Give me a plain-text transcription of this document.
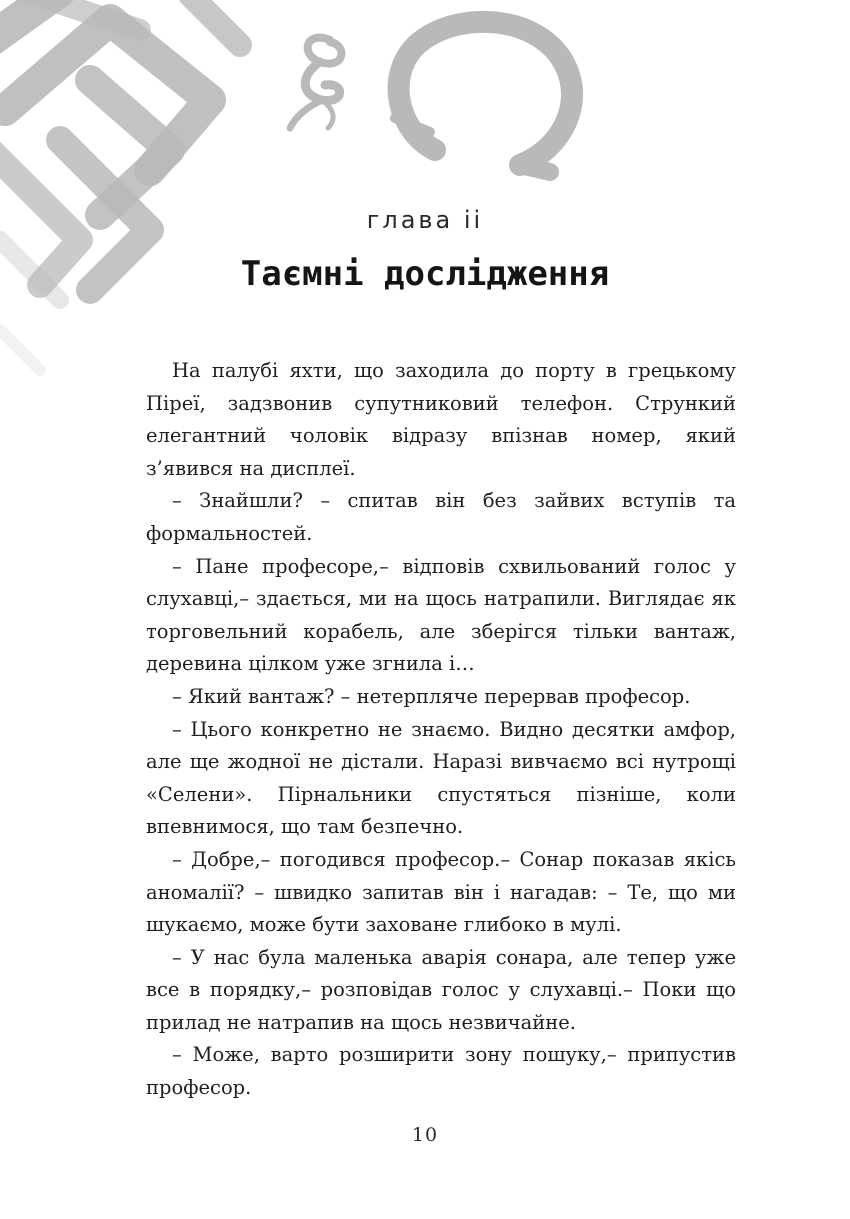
глава ii
Таємні дослідження

На палубі яхти, що заходила до порту в грецькому Піреї, задзвонив супутниковий телефон. Стрункий елегантний чоловік відразу впізнав номер, який з’явився на дисплеї.

– Знайшли? – спитав він без зайвих вступів та формальностей.

– Пане професоре,– відповів схвильований голос у слухавці,– здається, ми на щось натрапили. Виглядає як торговельний корабель, але зберігся тільки вантаж, деревина цілком уже згнила і…

– Який вантаж? – нетерпляче перервав професор.

– Цього конкретно не знаємо. Видно десятки амфор, але ще жодної не дістали. Наразі вивчаємо всі нутрощі «Селени». Пірнальники спустяться пізніше, коли впевнимося, що там безпечно.

– Добре,– погодився професор.– Сонар показав якісь аномалії? – швидко запитав він і нагадав: – Те, що ми шукаємо, може бути заховане глибоко в мулі.

– У нас була маленька аварія сонара, але тепер уже все в порядку,– розповідав голос у слухавці.– Поки що прилад не натрапив на щось незвичайне.

– Може, варто розширити зону пошуку,– припустив професор.

10
